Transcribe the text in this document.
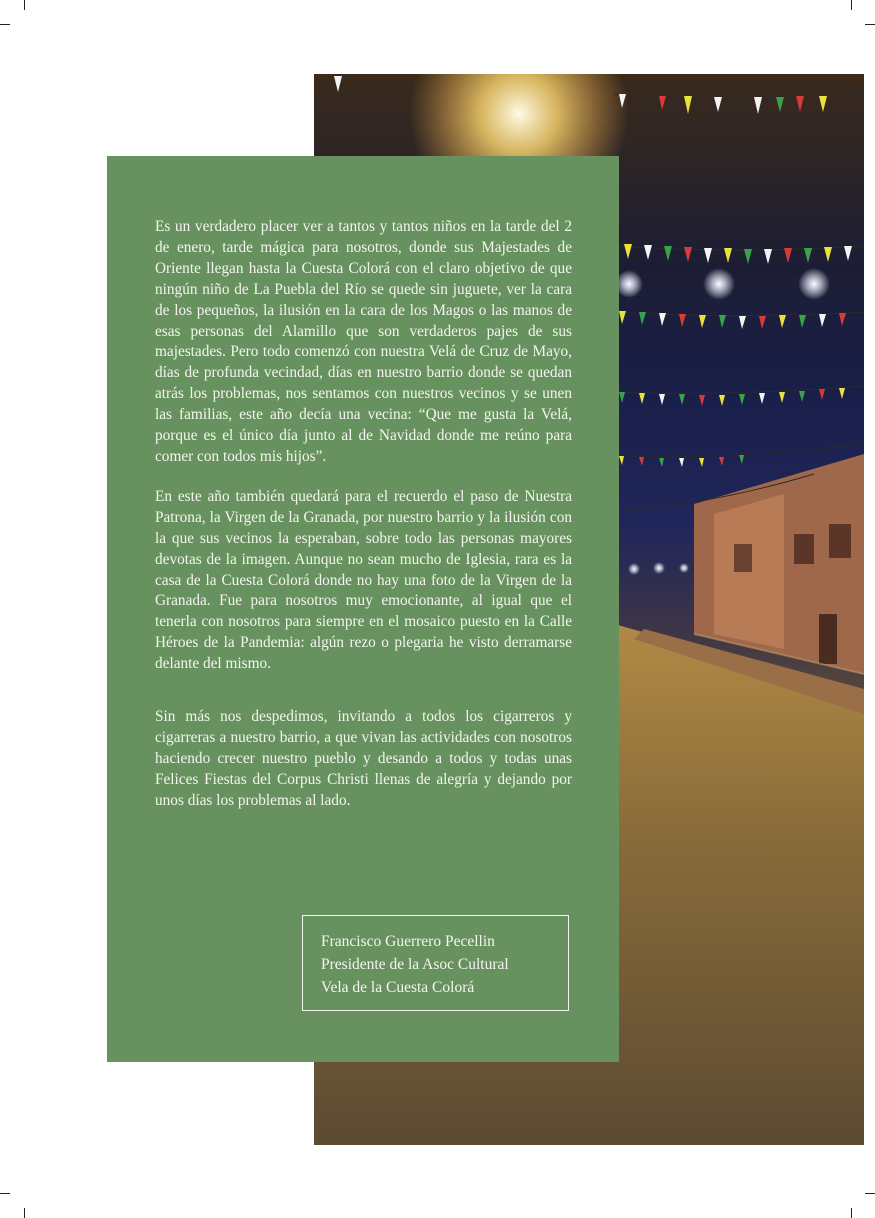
Es un verdadero placer ver a tantos y tantos niños en la tarde del 2 de enero, tarde mágica para nosotros, donde sus Majestades de Oriente llegan hasta la Cuesta Colorá con el claro objetivo de que ningún niño de La Puebla del Río se quede sin juguete, ver la cara de los pequeños, la ilusión en la cara de los Magos o las manos de esas personas del Alamillo que son verdaderos pajes de sus majestades. Pero todo comenzó con nuestra Velá de Cruz de Mayo, días de profunda vecindad, días en nuestro barrio donde se quedan atrás los problemas, nos sentamos con nuestros vecinos y se unen las familias, este año decía una vecina: “Que me gusta la Velá, porque es el único día junto al de Navidad donde me reúno para comer con todos mis hijos”.

En este año también quedará para el recuerdo el paso de Nuestra Patrona, la Virgen de la Granada, por nuestro barrio y la ilusión con la que sus vecinos la esperaban, sobre todo las personas mayores devotas de la imagen. Aunque no sean mucho de Iglesia, rara es la casa de la Cuesta Colorá donde no hay una foto de la Virgen de la Granada. Fue para nosotros muy emocionante, al igual que el tenerla con nosotros para siempre en el mosaico puesto en la Calle Héroes de la Pandemia: algún rezo o plegaria he visto derramarse delante del mismo.

Sin más nos despedimos, invitando a todos los cigarreros y cigarreras a nuestro barrio, a que vivan las actividades con nosotros haciendo crecer nuestro pueblo y desando a todos y todas unas Felices Fiestas del Corpus Christi llenas de alegría y dejando por unos días los problemas al lado.

Francisco Guerrero Pecellin
Presidente de la Asoc Cultural
Vela de la Cuesta Colorá
